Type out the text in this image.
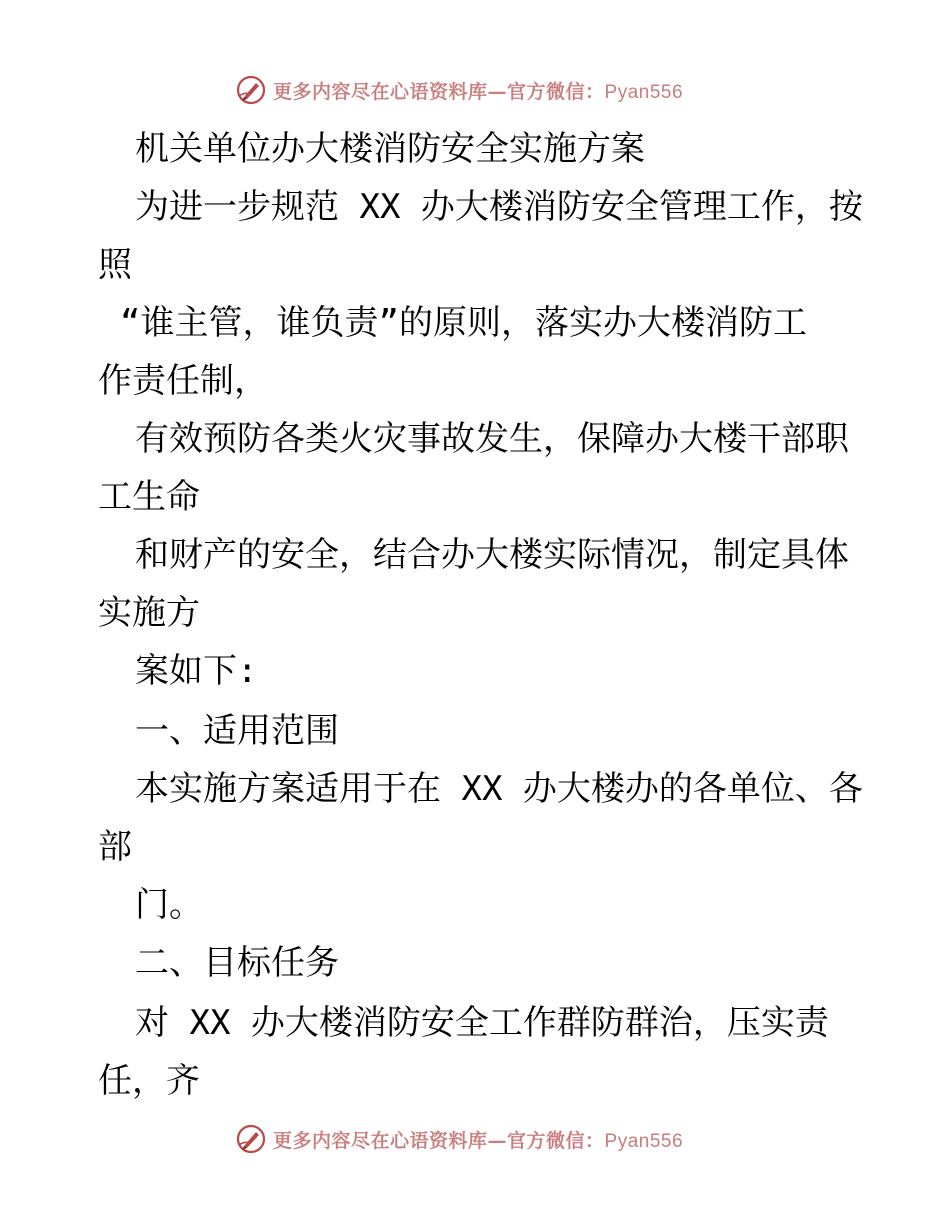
更多内容尽在心语资料库—官方微信：Pyan556
机关单位办大楼消防安全实施方案
为进一步规范 XX 办大楼消防安全管理工作，按
照
“谁主管，谁负责”的原则，落实办大楼消防工
作责任制，
有效预防各类火灾事故发生，保障办大楼干部职
工生命
和财产的安全，结合办大楼实际情况，制定具体
实施方
案如下:
一、适用范围
本实施方案适用于在 XX 办大楼办的各单位、各
部
门。
二、目标任务
对 XX 办大楼消防安全工作群防群治，压实责
任，齐
更多内容尽在心语资料库—官方微信：Pyan556
